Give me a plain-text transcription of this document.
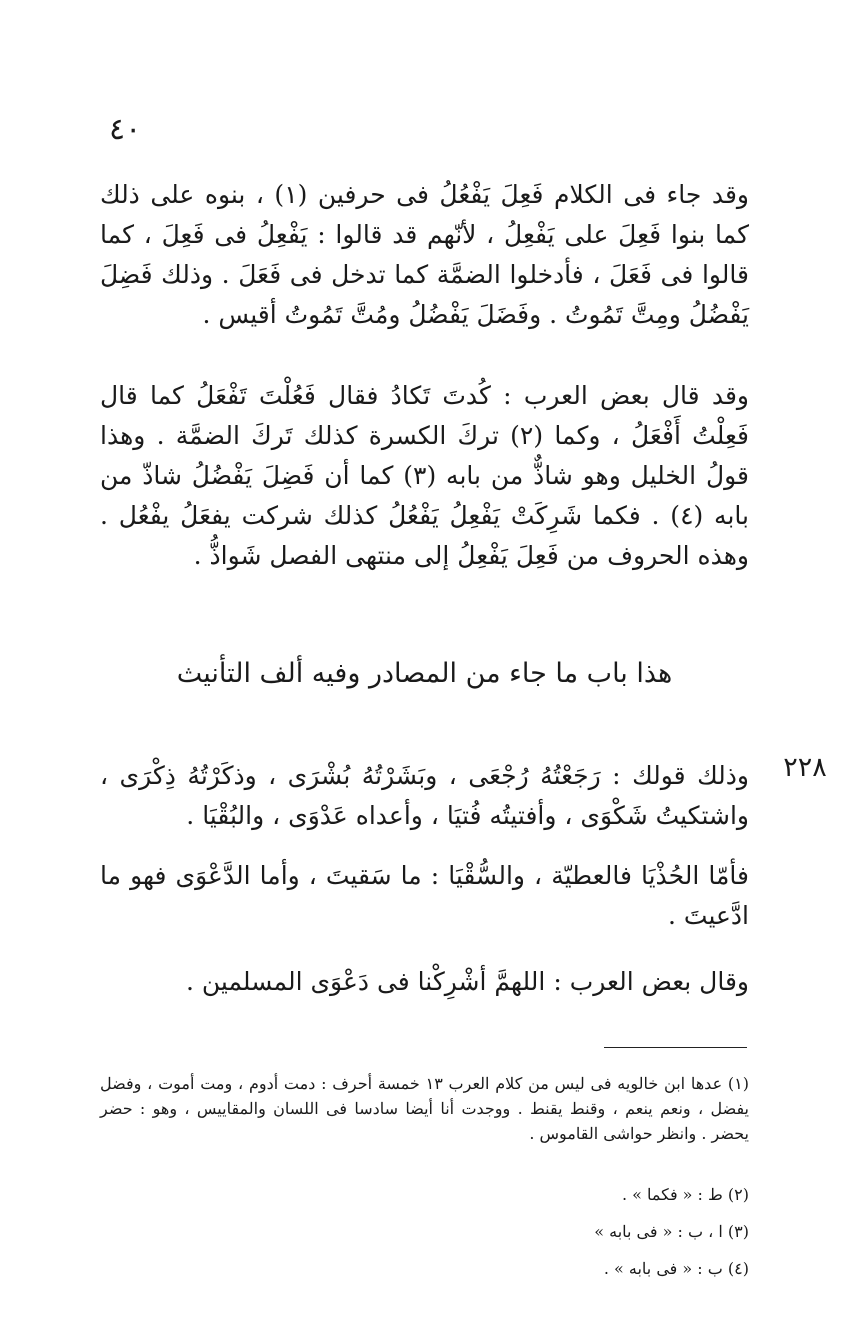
٤٠
وقد جاء فى الكلام فَعِلَ يَفْعُلُ فى حرفين (١) ، بنوه على ذلك كما بنوا فَعِلَ على يَفْعِلُ ، لأنّهم قد قالوا : يَفْعِلُ فى فَعِلَ ، كما قالوا فى فَعَلَ ، فأدخلوا الضمَّة كما تدخل فى فَعَلَ . وذلك فَضِلَ يَفْضُلُ ومِتَّ تَمُوتُ . وفَضَلَ يَفْضُلُ ومُتَّ تَمُوتُ أقيس .
وقد قال بعض العرب : كُدتَ تَكادُ فقال فَعُلْتَ تَفْعَلُ كما قال فَعِلْتُ أَفْعَلُ ، وكما (٢) تركَ الكسرة كذلك تَركَ الضمَّة . وهذا قولُ الخليل وهو شاذٌّ من بابه (٣) كما أن فَضِلَ يَفْضُلُ شاذّ من بابه (٤) . فكما شَرِكَتْ يَفْعِلُ يَفْعُلُ كذلك شركت يفعَلُ يفْعُل . وهذه الحروف من فَعِلَ يَفْعِلُ إلى منتهى الفصل شَواذُّ .
هذا باب ما جاء من المصادر وفيه ألف التأنيث
٢٢٨
وذلك قولك : رَجَعْتُهُ رُجْعَى ، وبَشَرْتُهُ بُشْرَى ، وذكَرْتُهُ ذِكْرَى ، واشتكيتُ شَكْوَى ، وأفتيتُه فُتيَا ، وأعداه عَدْوَى ، والبُقْيَا .
فأمّا الحُذْيَا فالعطيّة ، والسُّقْيَا : ما سَقيتَ ، وأما الدَّعْوَى فهو ما ادَّعيتَ .
وقال بعض العرب : اللهمَّ أشْرِكْنا فى دَعْوَى المسلمين .
(١) عدها ابن خالويه فى ليس من كلام العرب ١٣ خمسة أحرف : دمت أدوم ، ومت أموت ، وفضل يفضل ، ونعم ينعم ، وقنط يقنط . ووجدت أنا أيضا سادسا فى اللسان والمقاييس ، وهو : حضر يحضر . وانظر حواشى القاموس .
(٢) ط : « فكما » .
(٣) ا ، ب : « فى بابه »
(٤) ب : « فى بابه » .
